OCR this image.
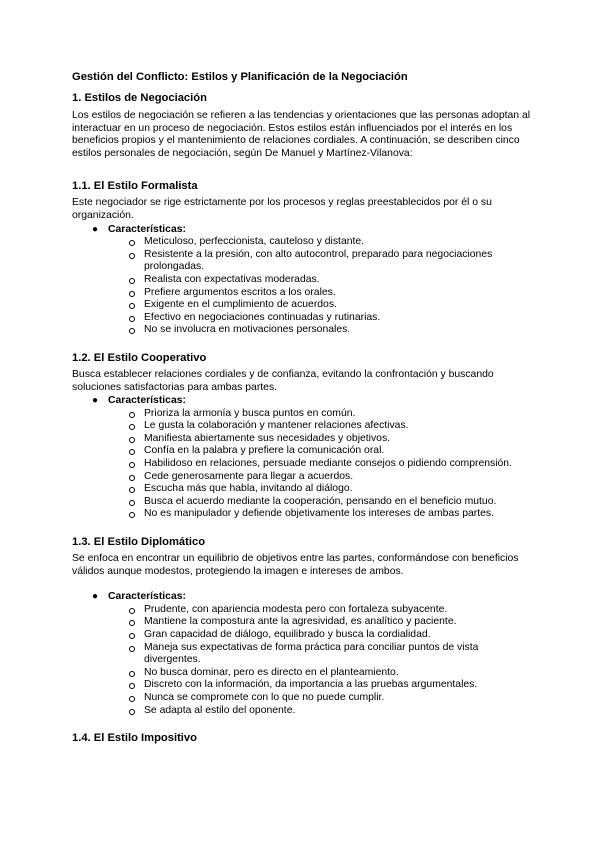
Gestión del Conflicto: Estilos y Planificación de la Negociación
1. Estilos de Negociación

Los estilos de negociación se refieren a las tendencias y orientaciones que las personas adoptan al interactuar en un proceso de negociación. Estos estilos están influenciados por el interés en los beneficios propios y el mantenimiento de relaciones cordiales. A continuación, se describen cinco estilos personales de negociación, según De Manuel y Martínez-Vilanova:

1.1. El Estilo Formalista

Este negociador se rige estrictamente por los procesos y reglas preestablecidos por él o su organización.

● Características:
Meticuloso, perfeccionista, cauteloso y distante.
Resistente a la presión, con alto autocontrol, preparado para negociaciones prolongadas.
Realista con expectativas moderadas.
Prefiere argumentos escritos a los orales.
Exigente en el cumplimiento de acuerdos.
Efectivo en negociaciones continuadas y rutinarias.
No se involucra en motivaciones personales.
1.2. El Estilo Cooperativo

Busca establecer relaciones cordiales y de confianza, evitando la confrontación y buscando soluciones satisfactorias para ambas partes.

● Características:
Prioriza la armonía y busca puntos en común.
Le gusta la colaboración y mantener relaciones afectivas.
Manifiesta abiertamente sus necesidades y objetivos.
Confía en la palabra y prefiere la comunicación oral.
Habilidoso en relaciones, persuade mediante consejos o pidiendo comprensión.
Cede generosamente para llegar a acuerdos.
Escucha más que habla, invitando al diálogo.
Busca el acuerdo mediante la cooperación, pensando en el beneficio mutuo.
No es manipulador y defiende objetivamente los intereses de ambas partes.
1.3. El Estilo Diplomático

Se enfoca en encontrar un equilibrio de objetivos entre las partes, conformándose con beneficios válidos aunque modestos, protegiendo la imagen e intereses de ambos.

● Características:
Prudente, con apariencia modesta pero con fortaleza subyacente.
Mantiene la compostura ante la agresividad, es analítico y paciente.
Gran capacidad de diálogo, equilibrado y busca la cordialidad.
Maneja sus expectativas de forma práctica para conciliar puntos de vista divergentes.
No busca dominar, pero es directo en el planteamiento.
Discreto con la información, da importancia a las pruebas argumentales.
Nunca se compromete con lo que no puede cumplir.
Se adapta al estilo del oponente.
1.4. El Estilo Impositivo
